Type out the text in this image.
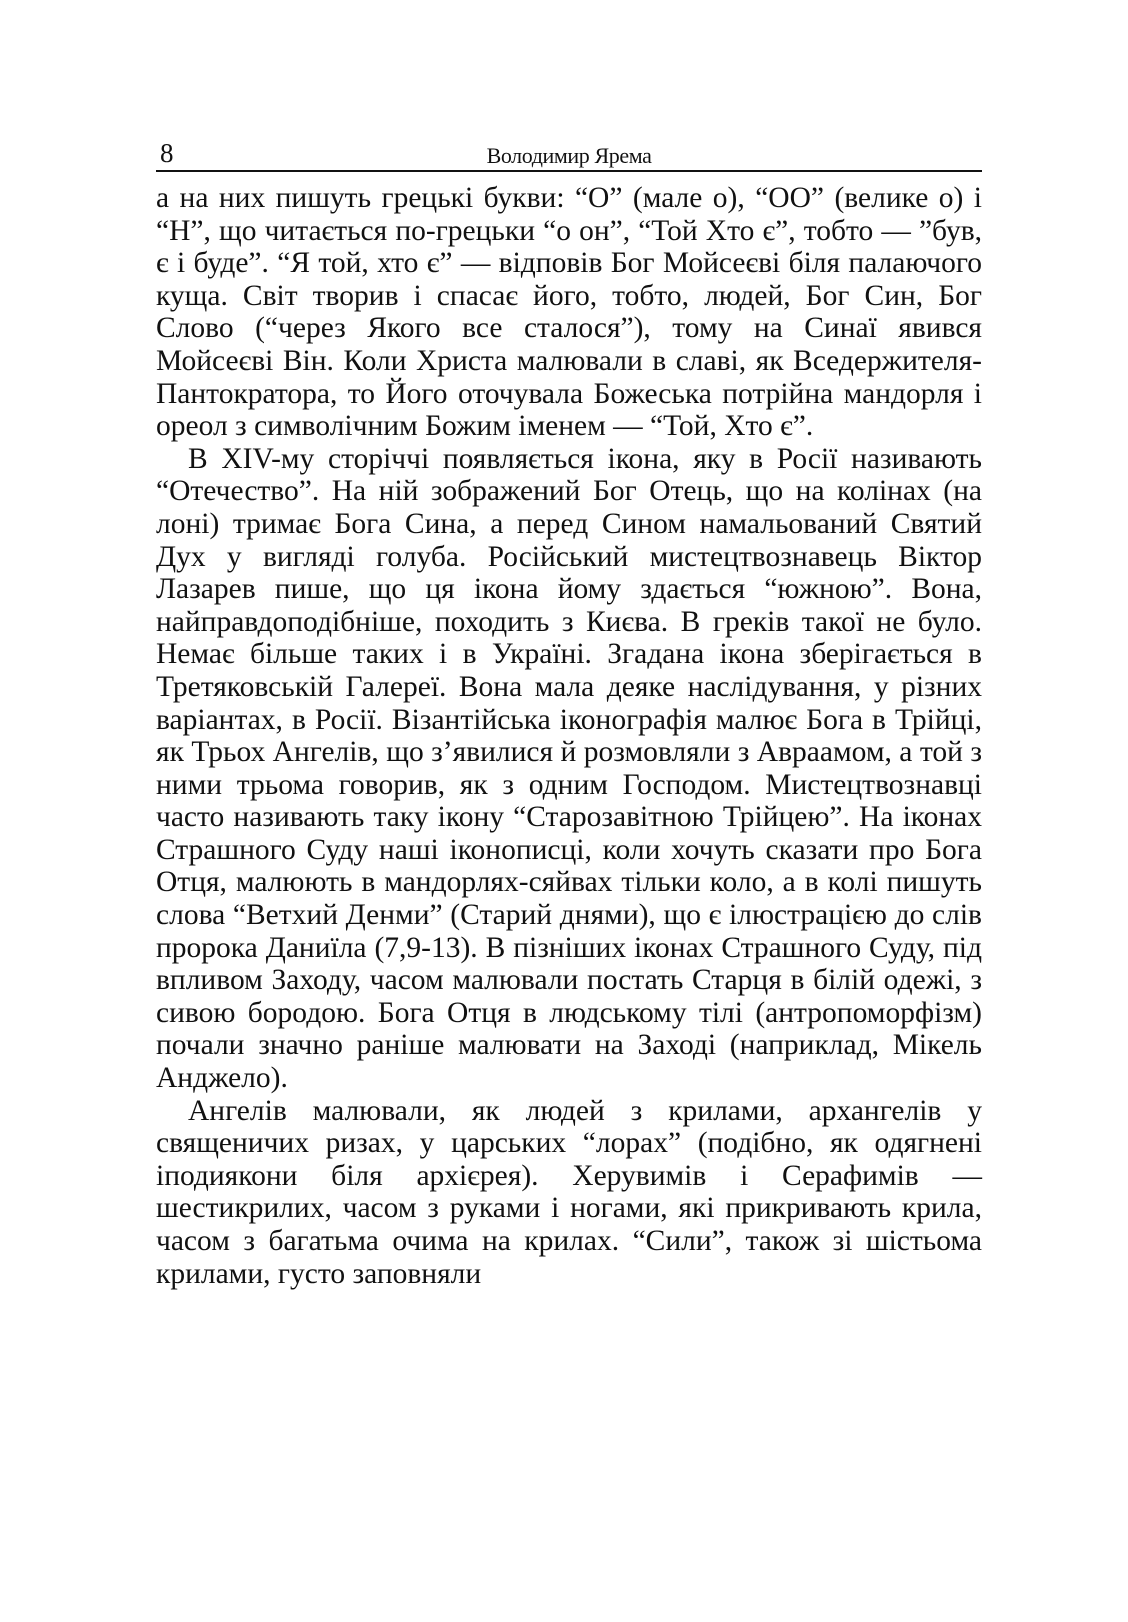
8	Володимир Ярема

а на них пишуть грецькі букви: “О” (мале о), “ОО” (велике о) і “Н”, що читається по-грецьки “о он”, “Той Хто є”, тобто — ”був, є і буде”. “Я той, хто є” — відповів Бог Мойсеєві біля палаючого куща. Світ творив і спасає його, тобто, людей, Бог Син, Бог Слово (“через Якого все сталося”), тому на Синаї явився Мойсеєві Він. Коли Христа малювали в славі, як Вседержителя-Пантократора, то Його оточувала Божеська потрійна мандорля і ореол з символічним Божим іменем — “Той, Хто є”.

В XIV-му сторіччі появляється ікона, яку в Росії називають “Отечество”. На ній зображений Бог Отець, що на колінах (на лоні) тримає Бога Сина, а перед Сином намальований Святий Дух у вигляді голуба. Російський мистецтвознавець Віктор Лазарев пише, що ця ікона йому здається “южною”. Вона, найправдоподібніше, походить з Києва. В греків такої не було. Немає більше таких і в Україні. Згадана ікона зберігається в Третяковській Галереї. Вона мала деяке наслідування, у різних варіантах, в Росії. Візантійська іконографія малює Бога в Трійці, як Трьох Ангелів, що з’явилися й розмовляли з Авраамом, а той з ними трьома говорив, як з одним Господом. Мистецтвознавці часто називають таку ікону “Старозавітною Трійцею”. На іконах Страшного Суду наші іконописці, коли хочуть сказати про Бога Отця, малюють в мандорлях-сяйвах тільки коло, а в колі пишуть слова “Ветхий Денми” (Старий днями), що є ілюстрацією до слів пророка Даниїла (7,9-13). В пізніших іконах Страшного Суду, під впливом Заходу, часом малювали постать Старця в білій одежі, з сивою бородою. Бога Отця в людському тілі (антропоморфізм) почали значно раніше малювати на Заході (наприклад, Мікель Анджело).

Ангелів малювали, як людей з крилами, архангелів у священичих ризах, у царських “лорах” (подібно, як одягнені іподиякони біля архієрея). Херувимів і Серафимів — шестикрилих, часом з руками і ногами, які прикривають крила, часом з багатьма очима на крилах. “Сили”, також зі шістьома крилами, густо заповняли
